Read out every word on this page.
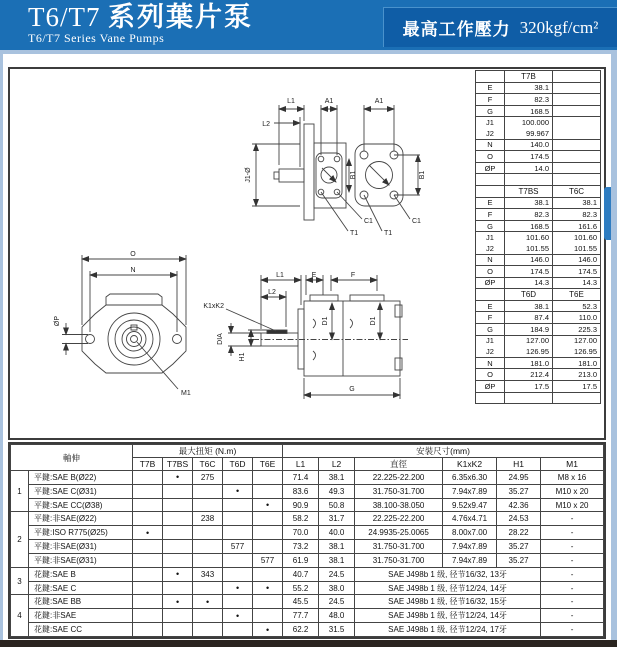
T6/T7 系列葉片泵
T6/T7 Series Vane Pumps	最高工作壓力 320kgf/cm²
L1	A1	A1
L2
J1-Ø	B1	B1
C1	C1
T1	T1
O
N
ØP
M1
L1
L2
E	F
K1xK2
DIA
H1
D1	D1
G
	T7B	
E	38.1	
F	82.3	
G	168.5	
J1	100.000	
J2	99.967	
N	140.0	
O	174.5	
ØP	14.0	

	T7BS	T6C
E	38.1	38.1
F	82.3	82.3
G	168.5	161.6
J1	101.60	101.60
J2	101.55	101.55
N	146.0	146.0
O	174.5	174.5
ØP	14.3	14.3
	T6D	T6E
E	38.1	52.3
F	87.4	110.0
G	184.9	225.3
J1	127.00	127.00
J2	126.95	126.95
N	181.0	181.0
O	212.4	213.0
ØP	17.5	17.5

軸伸		最大扭矩 (N.m)					安裝尺寸(mm)					
		T7B	T7BS	T6C	T6D	T6E	L1	L2	直徑	K1xK2	H1	M1
1	平鍵:SAE B(Ø22)		•	275			71.4	38.1	22.225-22.200	6.35x6.30	24.95	M8 x 16
	平鍵:SAE C(Ø31)				•		83.6	49.3	31.750-31.700	7.94x7.89	35.27	M10 x 20
	平鍵:SAE CC(Ø38)					•	90.9	50.8	38.100-38.050	9.52x9.47	42.36	M10 x 20
2	平鍵:非SAE(Ø22)			238			58.2	31.7	22.225-22.200	4.76x4.71	24.53	-
	平鍵:ISO R775(Ø25)	•					70.0	40.0	24.9935-25.0065	8.00x7.00	28.22	-
	平鍵:非SAE(Ø31)				577		73.2	38.1	31.750-31.700	7.94x7.89	35.27	-
	平鍵:非SAE(Ø31)					577	61.9	38.1	31.750-31.700	7.94x7.89	35.27	-
3	花鍵:SAE B		•	343			40.7	24.5	SAE J498b 1 级, 径节16/32, 13牙			-
	花鍵:SAE C				•	•	55.2	38.0	SAE J498b 1 级, 径节12/24, 14牙			-
4	花鍵:SAE BB		•	•			45.5	24.5	SAE J498b 1 级, 径节16/32, 15牙			-
	花鍵:非SAE				•		77.7	48.0	SAE J498b 1 级, 径节12/24, 14牙			-
	花鍵:SAE CC					•	62.2	31.5	SAE J498b 1 级, 径节12/24, 17牙			-
